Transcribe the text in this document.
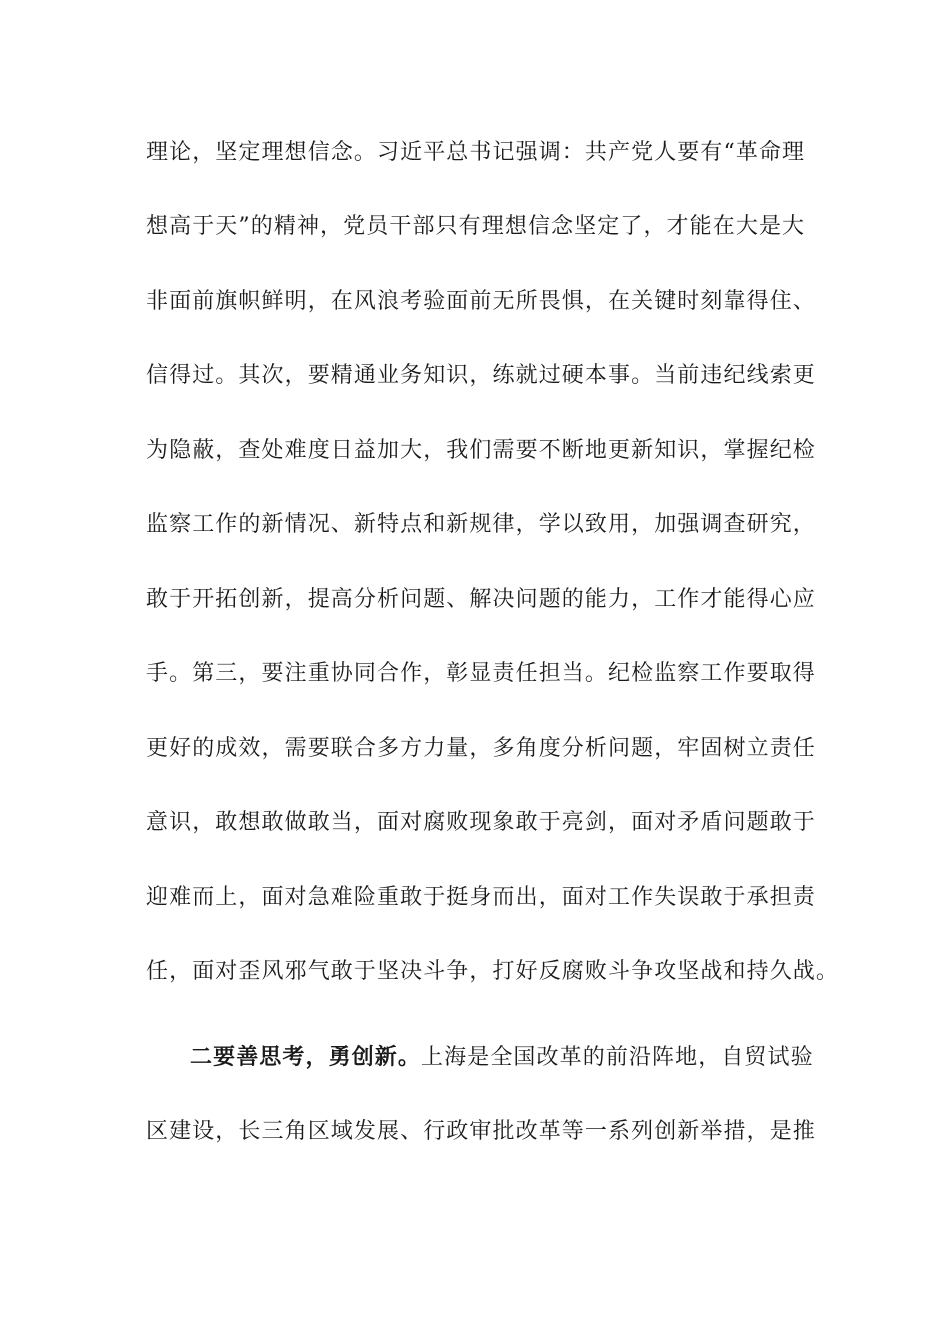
理论，坚定理想信念。习近平总书记强调：共产党人要有“革命理
想高于天”的精神，党员干部只有理想信念坚定了，才能在大是大
非面前旗帜鲜明，在风浪考验面前无所畏惧，在关键时刻靠得住、
信得过。其次，要精通业务知识，练就过硬本事。当前违纪线索更
为隐蔽，查处难度日益加大，我们需要不断地更新知识，掌握纪检
监察工作的新情况、新特点和新规律，学以致用，加强调查研究，
敢于开拓创新，提高分析问题、解决问题的能力，工作才能得心应
手。第三，要注重协同合作，彰显责任担当。纪检监察工作要取得
更好的成效，需要联合多方力量，多角度分析问题，牢固树立责任
意识，敢想敢做敢当，面对腐败现象敢于亮剑，面对矛盾问题敢于
迎难而上，面对急难险重敢于挺身而出，面对工作失误敢于承担责
任，面对歪风邪气敢于坚决斗争，打好反腐败斗争攻坚战和持久战。
二要善思考，勇创新。上海是全国改革的前沿阵地，自贸试验
区建设，长三角区域发展、行政审批改革等一系列创新举措，是推
